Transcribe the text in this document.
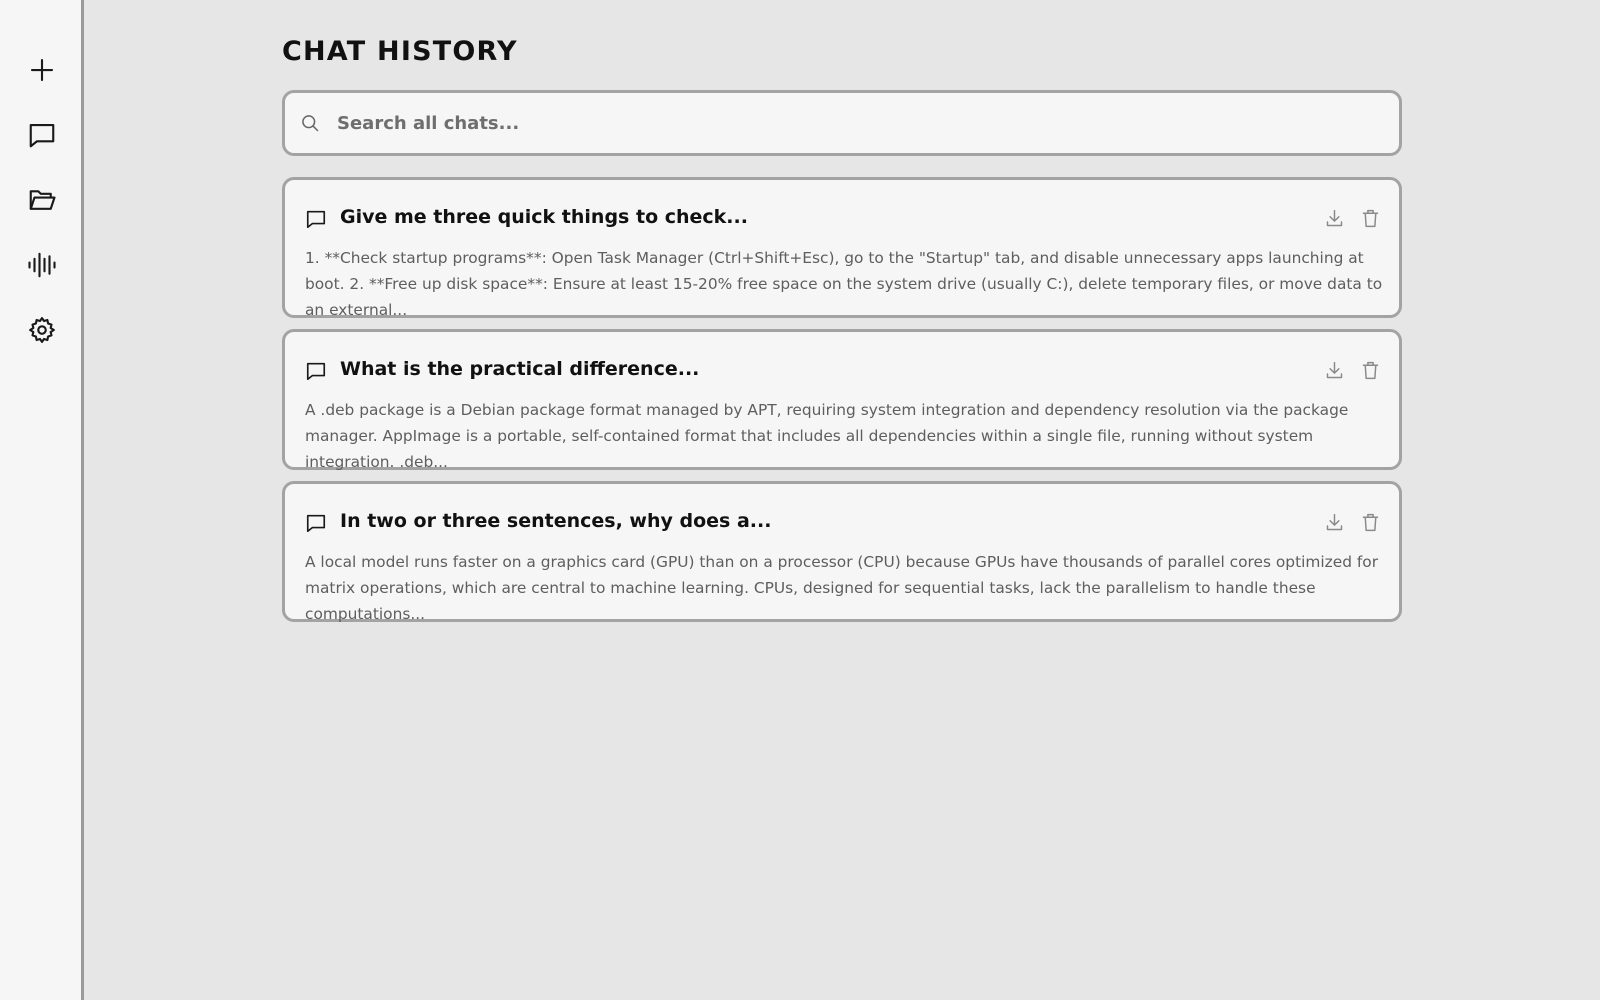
CHAT HISTORY
Search all chats...
Give me three quick things to check...
1. **Check startup programs**: Open Task Manager (Ctrl+Shift+Esc), go to the "Startup" tab, and disable unnecessary apps launching at boot. 2. **Free up disk space**: Ensure at least 15-20% free space on the system drive (usually C:), delete temporary files, or move data to an external...
What is the practical difference...
A .deb package is a Debian package format managed by APT, requiring system integration and dependency resolution via the package manager. AppImage is a portable, self-contained format that includes all dependencies within a single file, running without system integration. .deb...
In two or three sentences, why does a...
A local model runs faster on a graphics card (GPU) than on a processor (CPU) because GPUs have thousands of parallel cores optimized for matrix operations, which are central to machine learning. CPUs, designed for sequential tasks, lack the parallelism to handle these computations...
